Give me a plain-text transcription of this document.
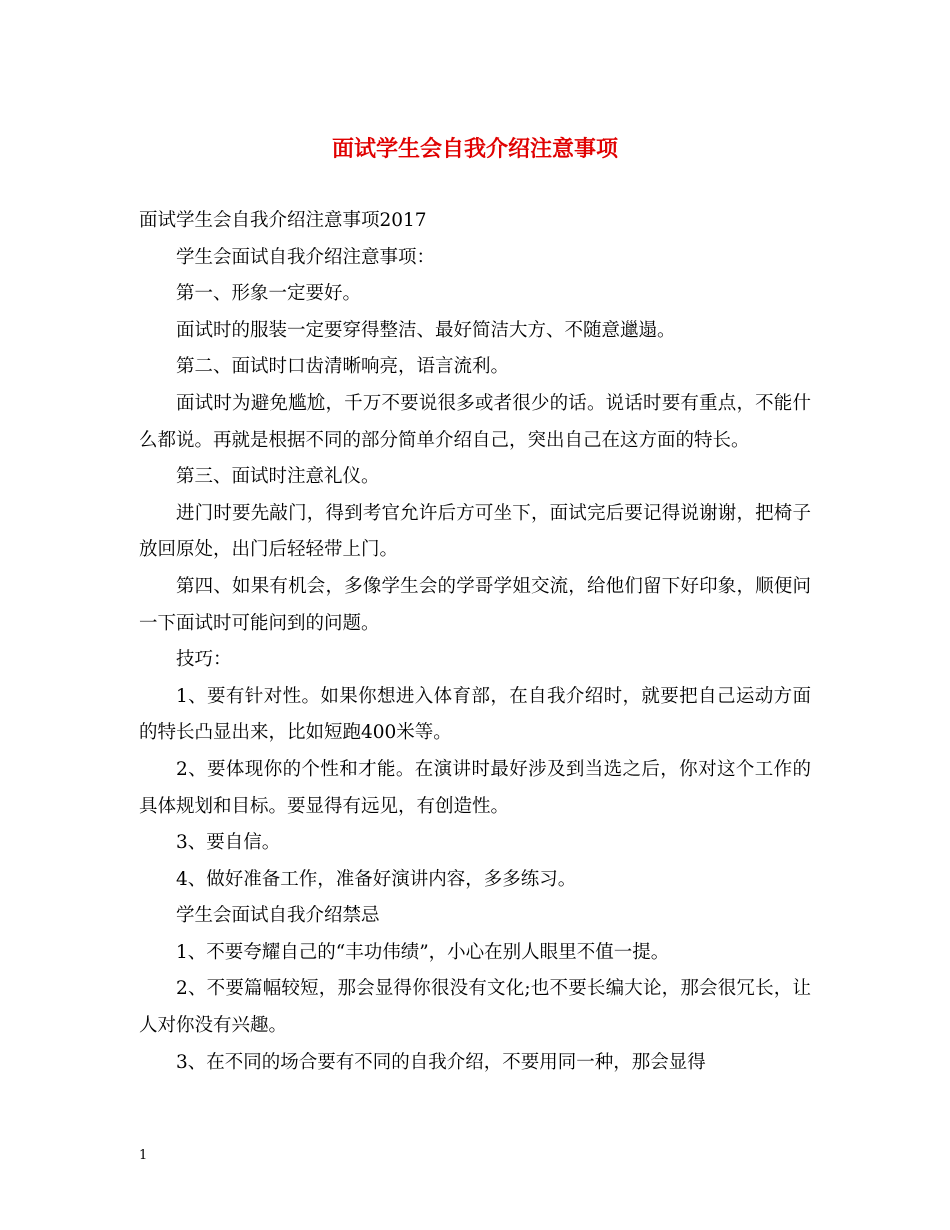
面试学生会自我介绍注意事项

面试学生会自我介绍注意事项2017

学生会面试自我介绍注意事项：

第一、形象一定要好。

面试时的服装一定要穿得整洁、最好简洁大方、不随意邋遢。

第二、面试时口齿清晰响亮，语言流利。

面试时为避免尴尬，千万不要说很多或者很少的话。说话时要有重点，不能什么都说。再就是根据不同的部分简单介绍自己，突出自己在这方面的特长。

第三、面试时注意礼仪。

进门时要先敲门，得到考官允许后方可坐下，面试完后要记得说谢谢，把椅子放回原处，出门后轻轻带上门。

第四、如果有机会，多像学生会的学哥学姐交流，给他们留下好印象，顺便问一下面试时可能问到的问题。

技巧：

1、要有针对性。如果你想进入体育部，在自我介绍时，就要把自己运动方面的特长凸显出来，比如短跑400米等。

2、要体现你的个性和才能。在演讲时最好涉及到当选之后，你对这个工作的具体规划和目标。要显得有远见，有创造性。

3、要自信。

4、做好准备工作，准备好演讲内容，多多练习。

学生会面试自我介绍禁忌

1、不要夸耀自己的“丰功伟绩”，小心在别人眼里不值一提。

2、不要篇幅较短，那会显得你很没有文化;也不要长编大论，那会很冗长，让人对你没有兴趣。

3、在不同的场合要有不同的自我介绍，不要用同一种，那会显得

1
